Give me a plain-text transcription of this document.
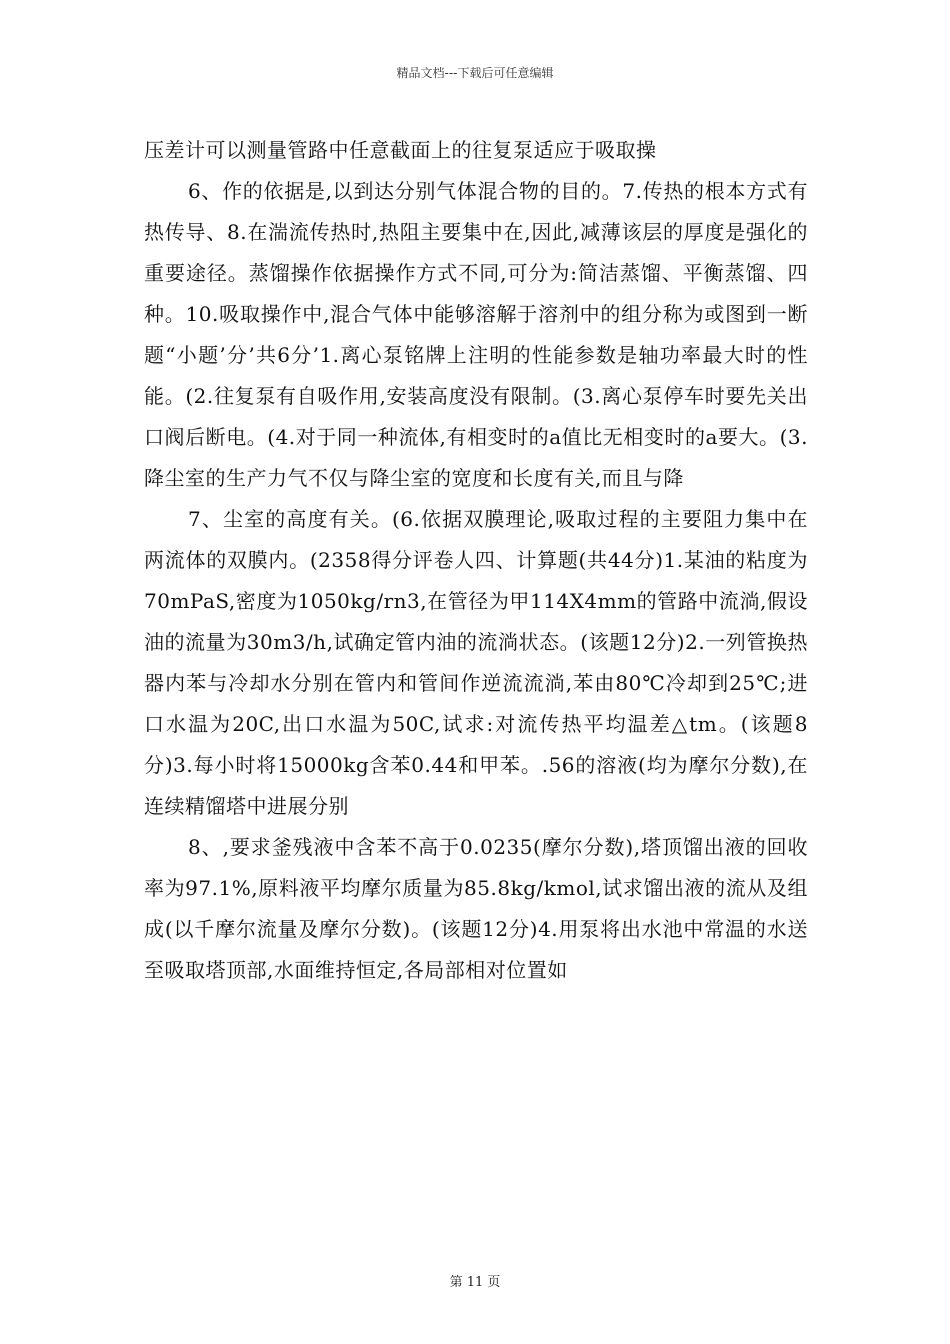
精品文档---下载后可任意编辑

压差计可以测量管路中任意截面上的往复泵适应于吸取操

6、作的依据是,以到达分别气体混合物的目的。7.传热的根本方式有热传导、8.在湍流传热时,热阻主要集中在,因此,减薄该层的厚度是强化的重要途径。蒸馏操作依据操作方式不同,可分为:简洁蒸馏、平衡蒸馏、四种。10.吸取操作中,混合气体中能够溶解于溶剂中的组分称为或图到一断题“小题’分’共6分’1.离心泵铭牌上注明的性能参数是轴功率最大时的性能。(2.往复泵有自吸作用,安装高度没有限制。(3.离心泵停车时要先关出口阀后断电。(4.对于同一种流体,有相变时的a值比无相变时的a要大。(3.降尘室的生产力气不仅与降尘室的宽度和长度有关,而且与降

7、尘室的高度有关。(6.依据双膜理论,吸取过程的主要阻力集中在两流体的双膜内。(2358得分评卷人四、计算题(共44分)1.某油的粘度为70mPaS,密度为1050kg/rn3,在管径为甲114X4mm的管路中流淌,假设油的流量为30m3/h,试确定管内油的流淌状态。(该题12分)2.一列管换热器内苯与冷却水分别在管内和管间作逆流流淌,苯由80℃冷却到25℃;进口水温为20C,出口水温为50C,试求:对流传热平均温差△tm。(该题8分)3.每小时将15000kg含苯0.44和甲苯。.56的溶液(均为摩尔分数),在连续精馏塔中进展分别

8、,要求釜残液中含苯不高于0.0235(摩尔分数),塔顶馏出液的回收率为97.1%,原料液平均摩尔质量为85.8kg/kmol,试求馏出液的流从及组成(以千摩尔流量及摩尔分数)。(该题12分)4.用泵将出水池中常温的水送至吸取塔顶部,水面维持恒定,各局部相对位置如

第 11 页
